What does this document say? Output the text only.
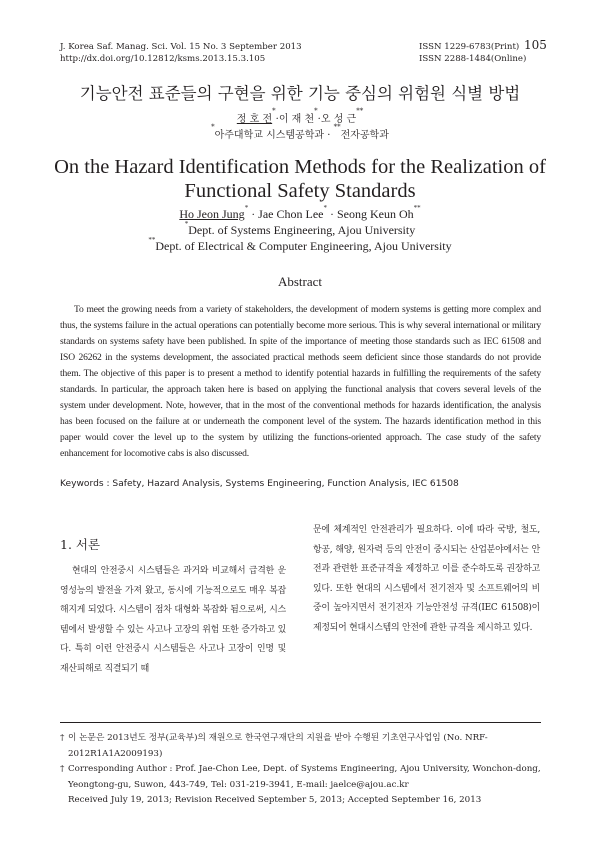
J. Korea Saf. Manag. Sci. Vol. 15 No. 3 September 2013
http://dx.doi.org/10.12812/ksms.2013.15.3.105
ISSN 1229-6783(Print)
ISSN 2288-1484(Online)
105
기능안전 표준들의 구현을 위한 기능 중심의 위험원 식별 방법
정 호 전*·이 재 천*·오 성 근**
*아주대학교 시스템공학과 · **전자공학과
On the Hazard Identification Methods for the Realization of
Functional Safety Standards
Ho Jeon Jung* · Jae Chon Lee* · Seong Keun Oh**
*Dept. of Systems Engineering, Ajou University
**Dept. of Electrical & Computer Engineering, Ajou University
Abstract
To meet the growing needs from a variety of stakeholders, the development of modern systems is getting more complex and thus, the systems failure in the actual operations can potentially become more serious. This is why several international or military standards on systems safety have been published. In spite of the importance of meeting those standards such as IEC 61508 and ISO 26262 in the systems development, the associated practical methods seem deficient since those standards do not provide them. The objective of this paper is to present a method to identify potential hazards in fulfilling the requirements of the safety standards. In particular, the approach taken here is based on applying the functional analysis that covers several levels of the system under development. Note, however, that in the most of the conventional methods for hazards identification, the analysis has been focused on the failure at or underneath the component level of the system. The hazards identification method in this paper would cover the level up to the system by utilizing the functions-oriented approach. The case study of the safety enhancement for locomotive cabs is also discussed.
Keywords : Safety, Hazard Analysis, Systems Engineering, Function Analysis, IEC 61508
1. 서론
현대의 안전중시 시스템들은 과거와 비교해서 급격한 운영성능의 발전을 가져 왔고, 동시에 기능적으로도 매우 복잡해지게 되었다. 시스템이 점차 대형화 복잡화 됨으로써, 시스템에서 발생할 수 있는 사고나 고장의 위험 또한 증가하고 있다. 특히 이런 안전중시 시스템들은 사고나 고장이 인명 및 재산피해로 직결되기 때
문에 체계적인 안전관리가 필요하다. 이에 따라 국방, 철도, 항공, 해양, 원자력 등의 안전이 중시되는 산업분야에서는 안전과 관련한 표준규격을 제정하고 이를 준수하도록 권장하고 있다. 또한 현대의 시스템에서 전기전자 및 소프트웨어의 비중이 높아지면서 전기전자 기능안전성 규격(IEC 61508)이 제정되어 현대시스템의 안전에 관한 규격을 제시하고 있다.
† 이 논문은 2013년도 정부(교육부)의 재원으로 한국연구재단의 지원을 받아 수행된 기초연구사업임 (No. NRF-2012R1A1A2009193)
† Corresponding Author : Prof. Jae-Chon Lee, Dept. of Systems Engineering, Ajou University, Wonchon-dong, Yeongtong-gu, Suwon, 443-749, Tel: 031-219-3941, E-mail: jaelce@ajou.ac.kr
Received July 19, 2013; Revision Received September 5, 2013; Accepted September 16, 2013
